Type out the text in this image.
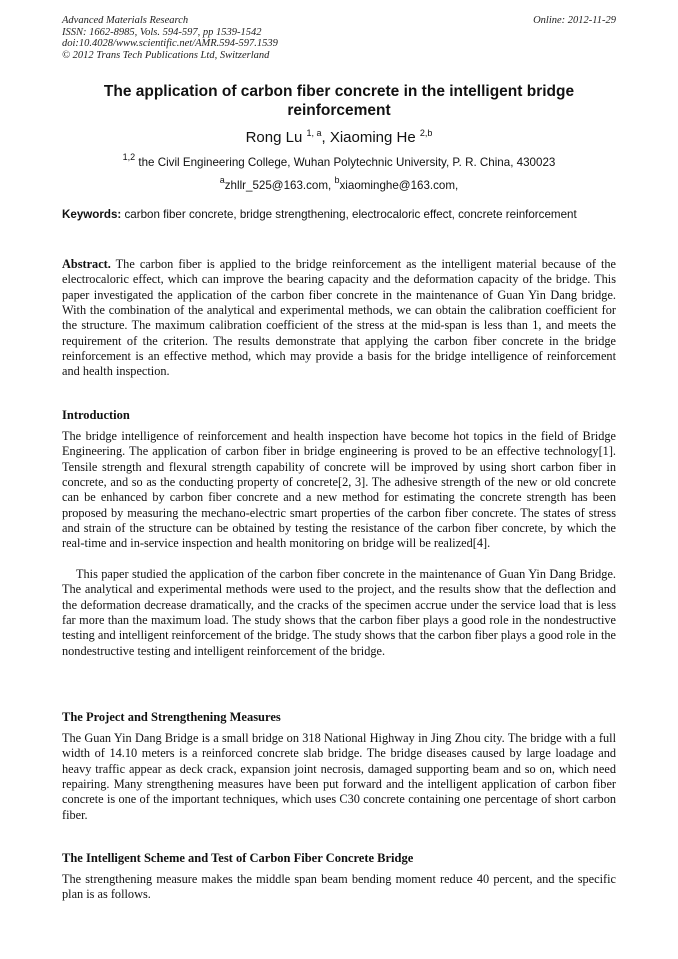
Advanced Materials Research
ISSN: 1662-8985, Vols. 594-597, pp 1539-1542
doi:10.4028/www.scientific.net/AMR.594-597.1539
© 2012 Trans Tech Publications Ltd, Switzerland
Online: 2012-11-29
The application of carbon fiber concrete in the intelligent bridge reinforcement
Rong Lu $^{1, a}$, Xiaoming He $^{2,b}$
$^{1,2}$ the Civil Engineering College, Wuhan Polytechnic University, P. R. China, 430023
$^a$zhllr_525@163.com, $^b$xiaominghe@163.com,
Keywords: carbon fiber concrete, bridge strengthening, electrocaloric effect, concrete reinforcement
Abstract. The carbon fiber is applied to the bridge reinforcement as the intelligent material because of the electrocaloric effect, which can improve the bearing capacity and the deformation capacity of the bridge. This paper investigated the application of the carbon fiber concrete in the maintenance of Guan Yin Dang bridge. With the combination of the analytical and experimental methods, we can obtain the calibration coefficient for the structure. The maximum calibration coefficient of the stress at the mid-span is less than 1, and meets the requirement of the criterion. The results demonstrate that applying the carbon fiber concrete in the bridge reinforcement is an effective method, which may provide a basis for the bridge intelligence of reinforcement and health inspection.
Introduction
The bridge intelligence of reinforcement and health inspection have become hot topics in the field of Bridge Engineering. The application of carbon fiber in bridge engineering is proved to be an effective technology[1]. Tensile strength and flexural strength capability of concrete will be improved by using short carbon fiber in concrete, and so as the conducting property of concrete[2, 3]. The adhesive strength of the new or old concrete can be enhanced by carbon fiber concrete and a new method for estimating the concrete strength has been proposed by measuring the mechano-electric smart properties of the carbon fiber concrete. The states of stress and strain of the structure can be obtained by testing the resistance of the carbon fiber concrete, by which the real-time and in-service inspection and health monitoring on bridge will be realized[4].
This paper studied the application of the carbon fiber concrete in the maintenance of Guan Yin Dang Bridge. The analytical and experimental methods were used to the project, and the results show that the deflection and the deformation decrease dramatically, and the cracks of the specimen accrue under the service load that is less far more than the maximum load. The study shows that the carbon fiber plays a good role in the nondestructive testing and intelligent reinforcement of the bridge. The study shows that the carbon fiber plays a good role in the nondestructive testing and intelligent reinforcement of the bridge.
The Project and Strengthening Measures
The Guan Yin Dang Bridge is a small bridge on 318 National Highway in Jing Zhou city. The bridge with a full width of 14.10 meters is a reinforced concrete slab bridge. The bridge diseases caused by large loadage and heavy traffic appear as deck crack, expansion joint necrosis, damaged supporting beam and so on, which need repairing. Many strengthening measures have been put forward and the intelligent application of carbon fiber concrete is one of the important techniques, which uses C30 concrete containing one percentage of short carbon fiber.
The Intelligent Scheme and Test of Carbon Fiber Concrete Bridge
The strengthening measure makes the middle span beam bending moment reduce 40 percent, and the specific plan is as follows.
